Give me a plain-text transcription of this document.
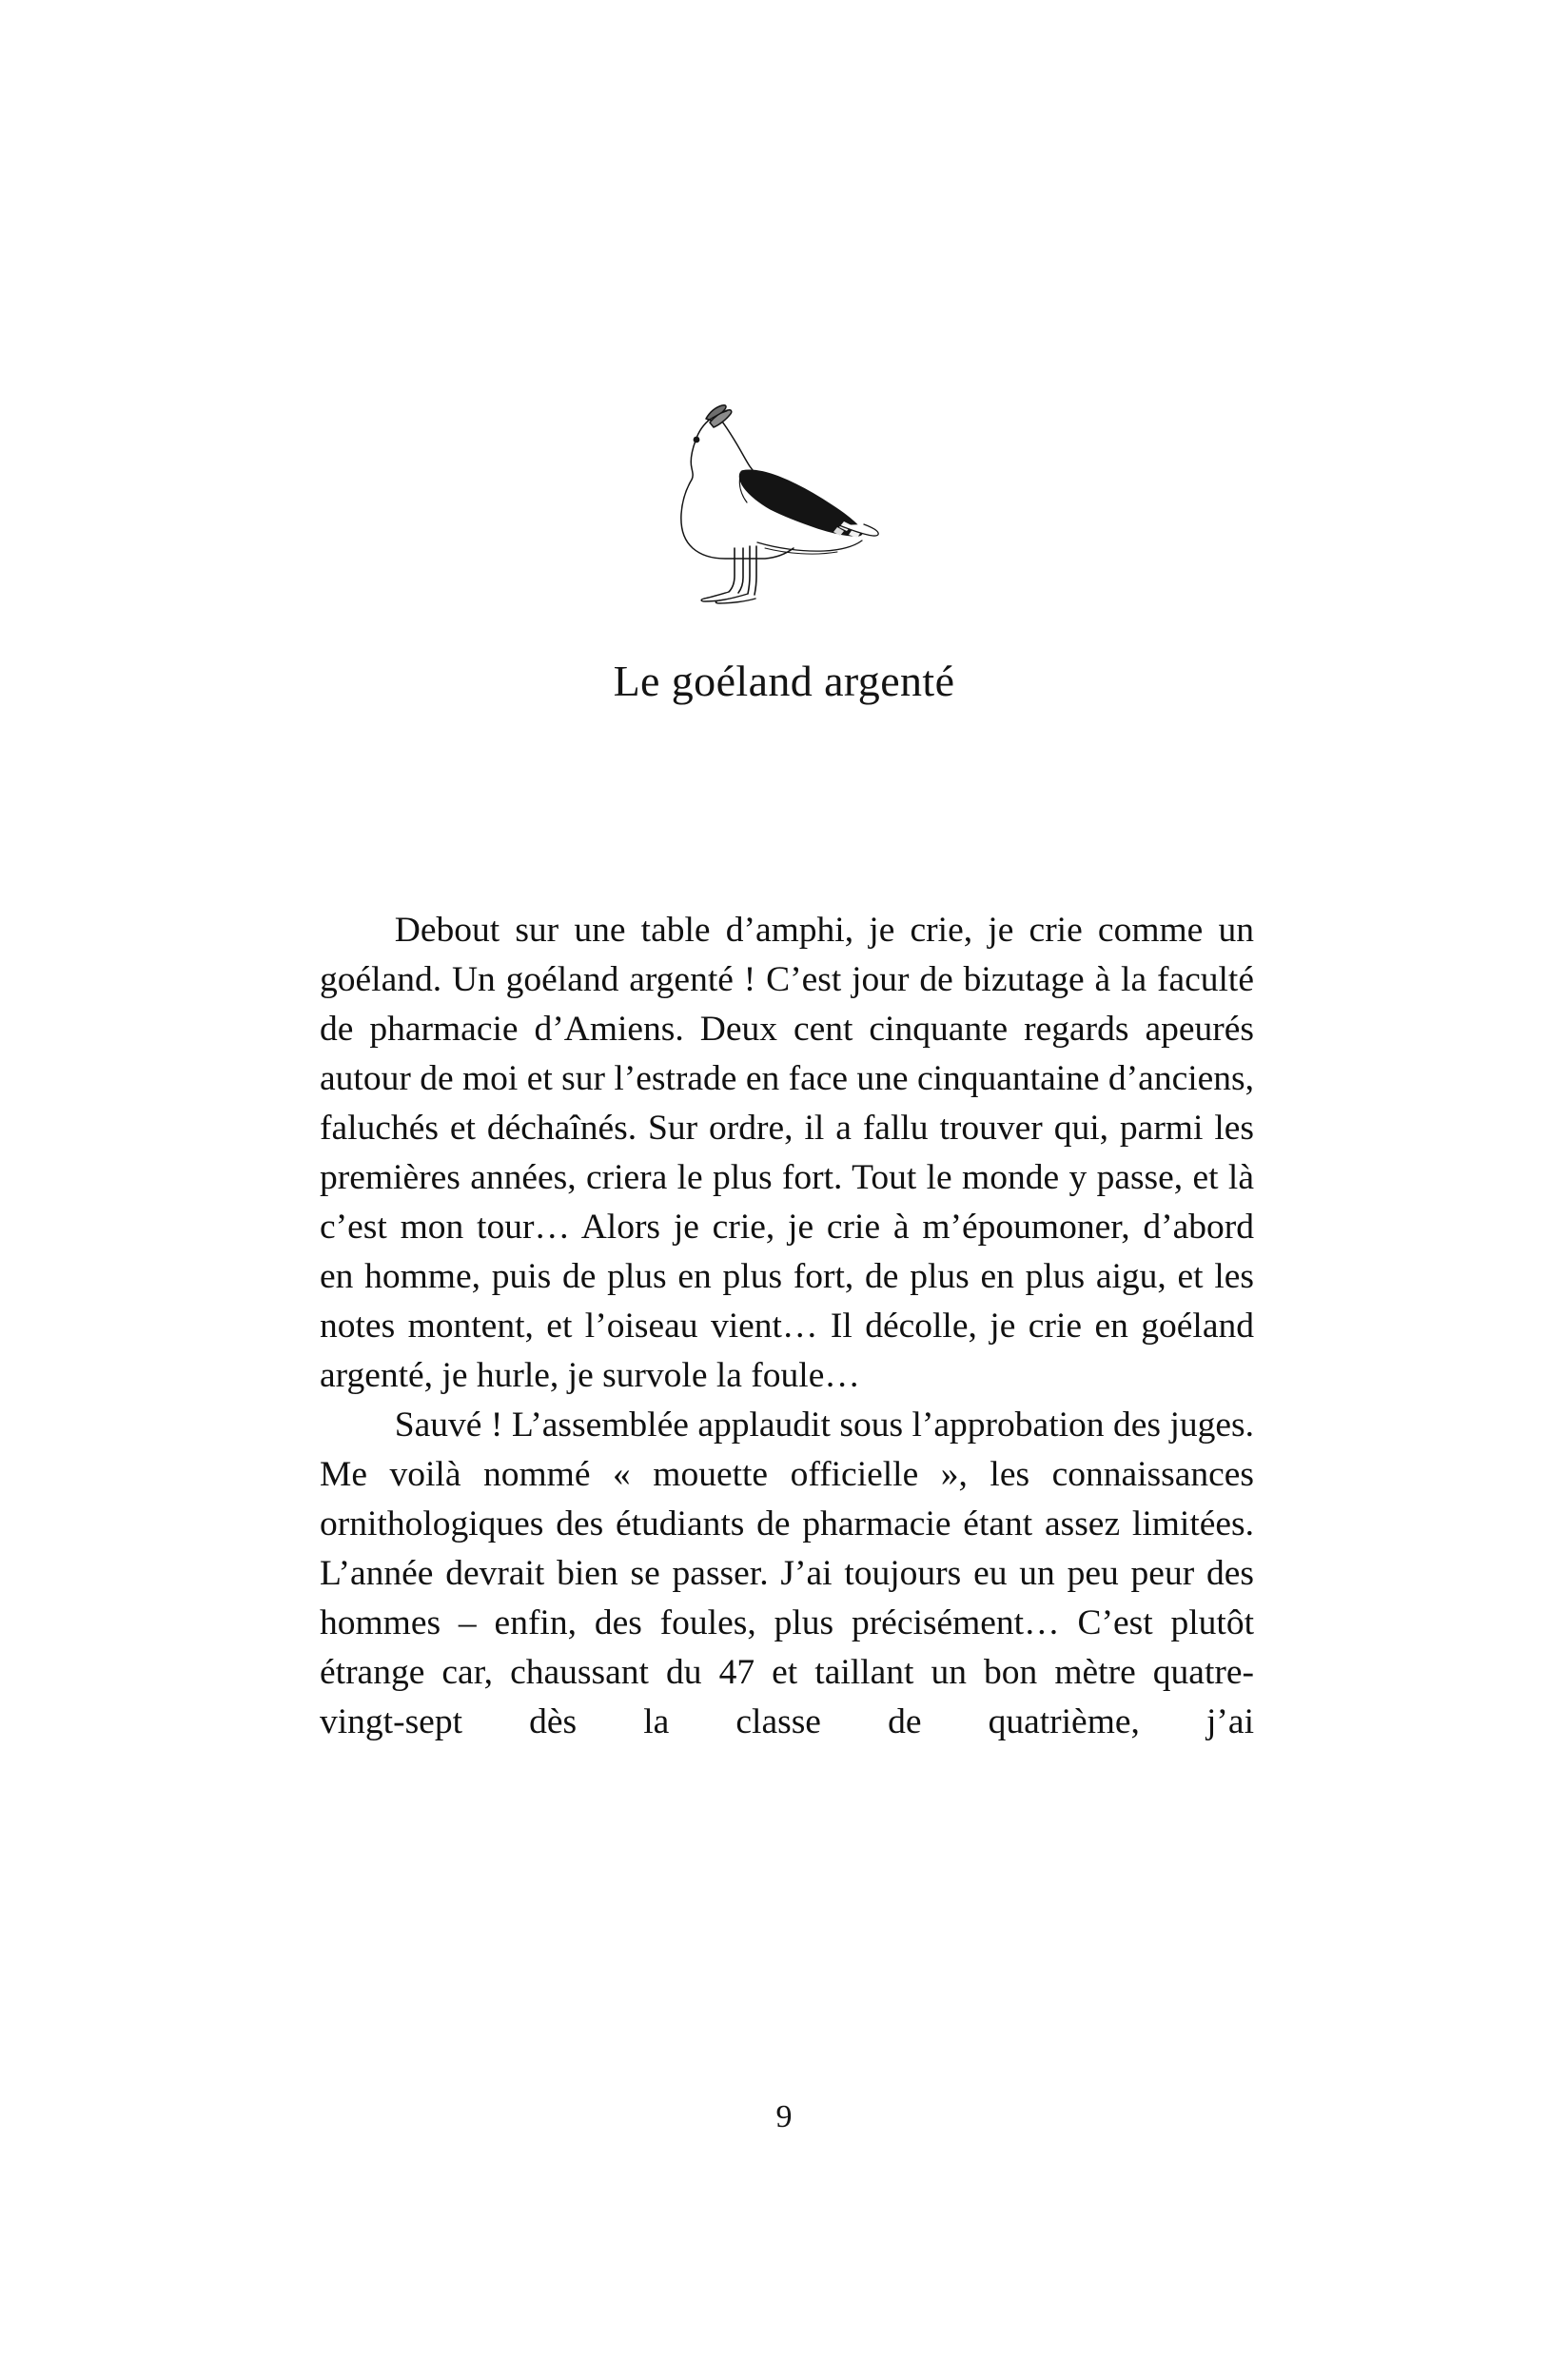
Le goéland argenté

Debout sur une table d’amphi, je crie, je crie comme un goéland. Un goéland argenté ! C’est jour de bizutage à la faculté de pharmacie d’Amiens. Deux cent cinquante regards apeurés autour de moi et sur l’estrade en face une cinquantaine d’anciens, faluchés et déchaînés. Sur ordre, il a fallu trouver qui, parmi les premières années, criera le plus fort. Tout le monde y passe, et là c’est mon tour… Alors je crie, je crie à m’époumoner, d’abord en homme, puis de plus en plus fort, de plus en plus aigu, et les notes montent, et l’oiseau vient… Il décolle, je crie en goéland argenté, je hurle, je survole la foule…

Sauvé ! L’assemblée applaudit sous l’approbation des juges. Me voilà nommé « mouette officielle », les connaissances ornithologiques des étudiants de pharmacie étant assez limitées. L’année devrait bien se passer. J’ai toujours eu un peu peur des hommes – enfin, des foules, plus précisément… C’est plutôt étrange car, chaussant du 47 et taillant un bon mètre quatre-vingt-sept dès la classe de quatrième, j’ai

9
